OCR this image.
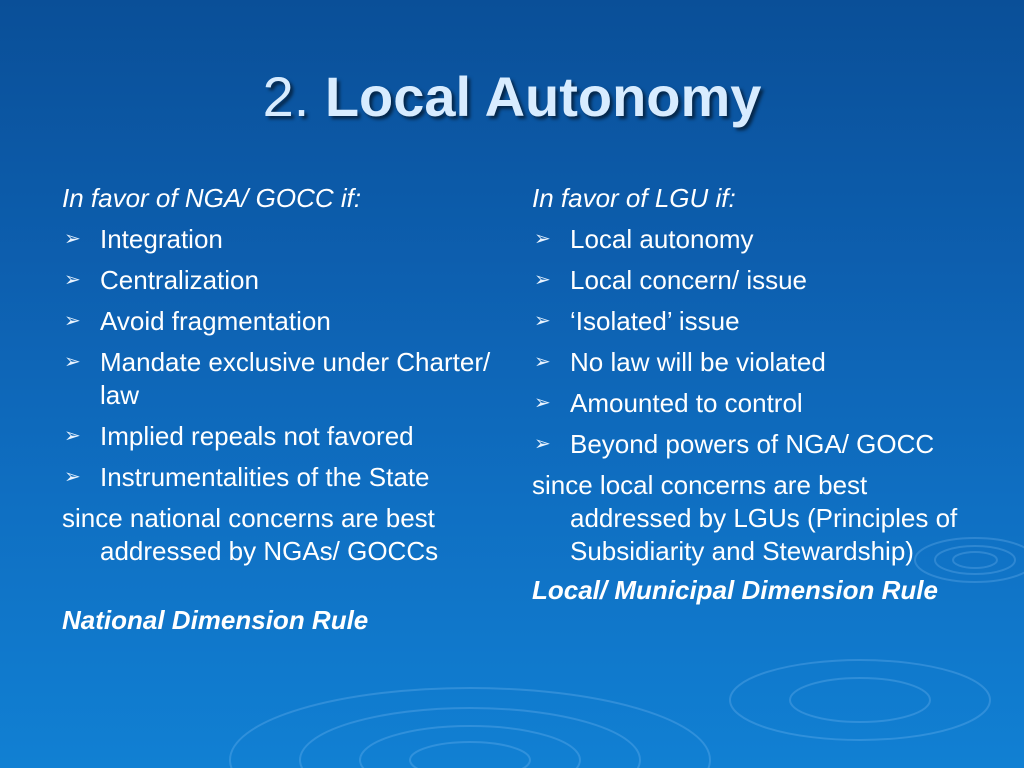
2. Local Autonomy
In favor of NGA/ GOCC if:
➢ Integration
➢ Centralization
➢ Avoid fragmentation
➢ Mandate exclusive under Charter/ law
➢ Implied repeals not favored
➢ Instrumentalities of the State
since national concerns are best addressed by NGAs/ GOCCs
National Dimension Rule
In favor of LGU if:
➢ Local autonomy
➢ Local concern/ issue
➢ ‘Isolated’ issue
➢ No law will be violated
➢ Amounted to control
➢ Beyond powers of NGA/ GOCC
since local concerns are best addressed by LGUs (Principles of Subsidiarity and Stewardship)
Local/ Municipal Dimension Rule
